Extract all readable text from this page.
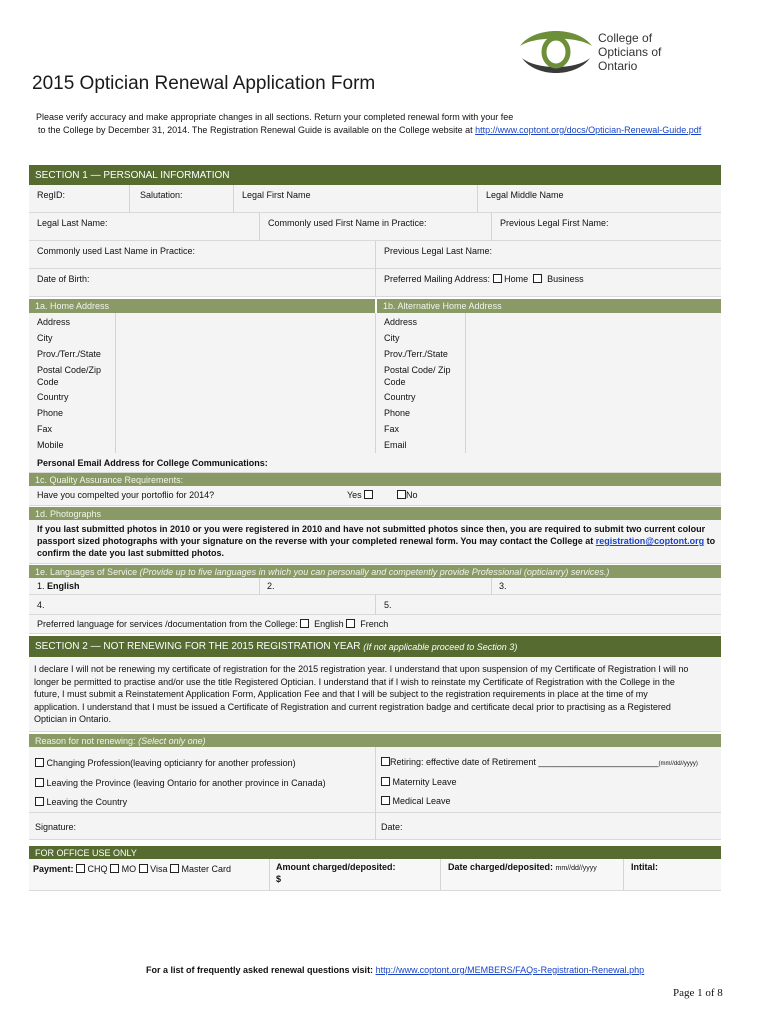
College of
Opticians of
Ontario
2015 Optician Renewal Application Form
Please verify accuracy and make appropriate changes in all sections. Return your completed renewal form with your fee
to the College by December 31, 2014. The Registration Renewal Guide is available on the College website at http://www.coptont.org/docs/Optician-Renewal-Guide.pdf
SECTION 1 — PERSONAL INFORMATION
RegID:	Salutation:	Legal First Name	Legal Middle Name
Legal Last Name:	Commonly used First Name in Practice:	Previous Legal First Name:
Commonly used Last Name in Practice:	Previous Legal Last Name:
Date of Birth:	Preferred Mailing Address: Home Business
1a. Home Address	1b. Alternative Home Address
Address
City
Prov./Terr./State
Postal Code/Zip
Code
Country
Phone
Fax
Mobile
Address
City
Prov./Terr./State
Postal Code/ Zip
Code
Country
Phone
Fax
Email
Personal Email Address for College Communications:
1c. Quality Assurance Requirements:
Have you compelted your portoflio for 2014?	Yes	No
1d. Photographs
If you last submitted photos in 2010 or you were registered in 2010 and have not submitted photos since then, you are required to submit two current colour
passport sized photographs with your signature on the reverse with your completed renewal form. You may contact the College at registration@coptont.org to
confirm the date you last submitted photos.
1e. Languages of Service
(Provide up to five languages in which you can personally and competently provide Professional (opticianry) services.)
1. English	2.	3.
4.	5.
Preferred language for services /documentation from the College: English French
SECTION 2 — NOT RENEWING FOR THE 2015 REGISTRATION YEAR
(If not applicable proceed to Section 3)
I declare I will not be renewing my certificate of registration for the 2015 registration year. I understand that upon suspension of my Certificate of Registration I will no
longer be permitted to practise and/or use the title Registered Optician. I understand that if I wish to reinstate my Certificate of Registration with the College in the
future, I must submit a Reinstatement Application Form, Application Fee and that I will be subject to the registration requirements in place at the time of my
application. I understand that I must be issued a Certificate of Registration and current registration badge and certificate decal prior to practising as a Registered
Optician in Ontario.
Reason for not renewing:
(Select only one)
Changing Profession(leaving opticianry for another profession)
Leaving the Province (leaving Ontario for another province in Canada)
Leaving the Country
Retiring: effective date of Retirement ________________________(mm//dd//yyyy)
Maternity Leave
Medical Leave
Signature:	Date:
FOR OFFICE USE ONLY
Payment: CHQ MO Visa Master Card	Amount charged/deposited:
$
Date charged/deposited: mm//dd//yyyy	Intital:
For a list of frequently asked renewal questions visit: http://www.coptont.org/MEMBERS/FAQs-Registration-Renewal.php
Page 1 of 8
